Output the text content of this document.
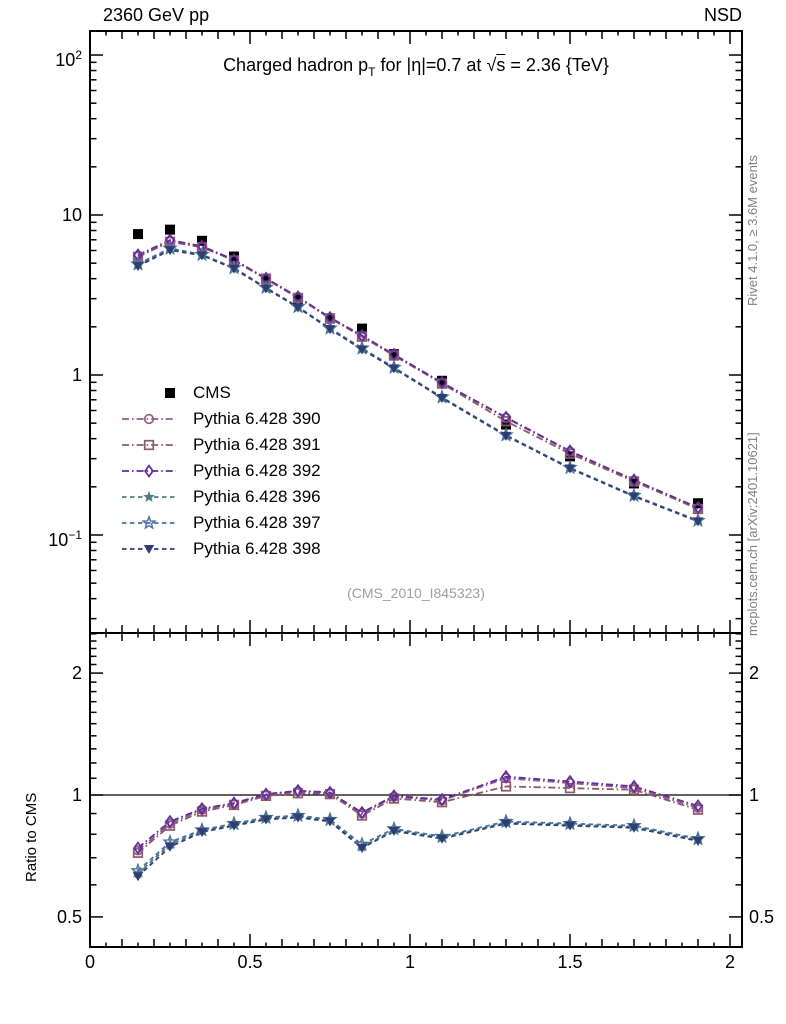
2360 GeV pp	NSD
Charged hadron $p_T$ for |η|=0.7 at √s = 2.36 {TeV}
CMS
Pythia 6.428 390
Pythia 6.428 391
Pythia 6.428 392
Pythia 6.428 396
Pythia 6.428 397
Pythia 6.428 398
(CMS_2010_I845323)
Rivet 4.1.0, ≥ 3.6M events
mcplots.cern.ch [arXiv:2401.10621]
Ratio to CMS
$10^2$
10
1
$10^{-1}$
2	2
1	1
0.5	0.5
0	0.5	1	1.5	2
